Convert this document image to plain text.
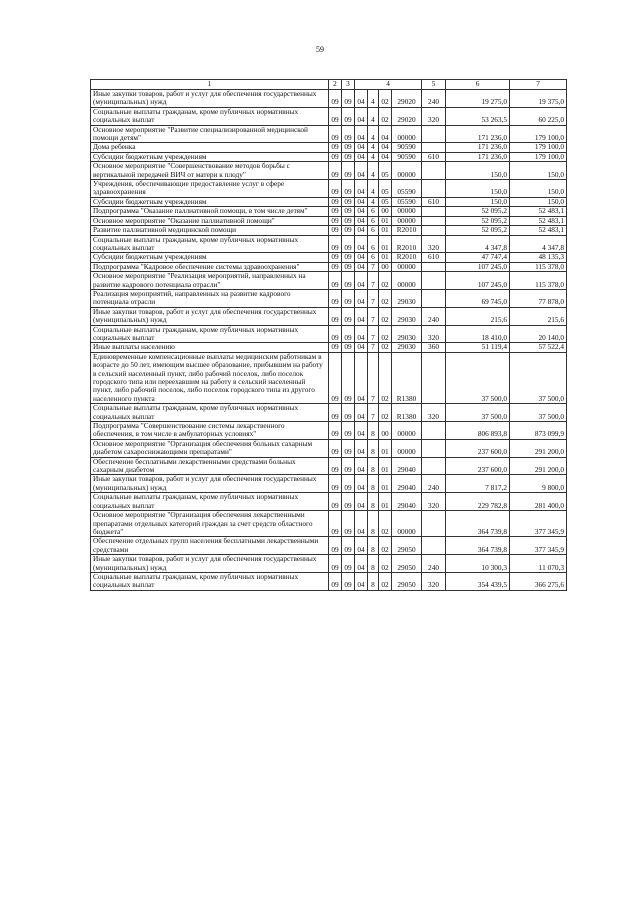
59
1	2	3	4				5	6	7
Иные закупки товаров, работ и услуг для обеспечения государственных (муниципальных) нужд	09	09	04	4	02	29020	240	19 275,0	19 375,0
Социальные выплаты гражданам, кроме публичных нормативных социальных выплат	09	09	04	4	02	29020	320	53 263,5	60 225,0
Основное мероприятие "Развитие специализированной медицинской помощи детям"	09	09	04	4	04	00000		171 236,0	179 100,0
Дома ребенка	09	09	04	4	04	90590		171 236,0	179 100,0
Субсидии бюджетным учреждениям	09	09	04	4	04	90590	610	171 236,0	179 100,0
Основное мероприятие "Совершенствование методов борьбы с вертикальной передачей ВИЧ от матери к плоду"	09	09	04	4	05	00000		150,0	150,0
Учреждения, обеспечивающие предоставление услуг в сфере здравоохранения	09	09	04	4	05	05590		150,0	150,0
Субсидии бюджетным учреждениям	09	09	04	4	05	05590	610	150,0	150,0
Подпрограмма "Оказание паллиативной помощи, в том числе детям"	09	09	04	6	00	00000		52 095,2	52 483,1
Основное мероприятие "Оказание паллиативной помощи"	09	09	04	6	01	00000		52 095,2	52 483,1
Развитие паллиативной медицинской помощи	09	09	04	6	01	R2010		52 095,2	52 483,1
Социальные выплаты гражданам, кроме публичных нормативных социальных выплат	09	09	04	6	01	R2010	320	4 347,8	4 347,8
Субсидии бюджетным учреждениям	09	09	04	6	01	R2010	610	47 747,4	48 135,3
Подпрограмма "Кадровое обеспечение системы здравоохранения"	09	09	04	7	00	00000		107 245,0	115 378,0
Основное мероприятие "Реализация мероприятий, направленных на развитие кадрового потенциала отрасли"	09	09	04	7	02	00000		107 245,0	115 378,0
Реализация мероприятий, направленных на развитие кадрового потенциала отрасли	09	09	04	7	02	29030		69 745,0	77 878,0
Иные закупки товаров, работ и услуг для обеспечения государственных (муниципальных) нужд	09	09	04	7	02	29030	240	215,6	215,6
Социальные выплаты гражданам, кроме публичных нормативных социальных выплат	09	09	04	7	02	29030	320	18 410,0	20 140,0
Иные выплаты населению	09	09	04	7	02	29030	360	51 119,4	57 522,4
Единовременные компенсационные выплаты медицинским работникам в возрасте до 50 лет, имеющим высшее образование, прибывшим на работу в сельский населенный пункт, либо рабочий поселок, либо поселок городского типа или переехавшим на работу в сельский населенный пункт, либо рабочий поселок, либо поселок городского типа из другого населенного пункта	09	09	04	7	02	R1380		37 500,0	37 500,0
Социальные выплаты гражданам, кроме публичных нормативных социальных выплат	09	09	04	7	02	R1380	320	37 500,0	37 500,0
Подпрограмма "Совершенствование системы лекарственного обеспечения, в том числе в амбулаторных условиях"	09	09	04	8	00	00000		806 893,8	873 099,9
Основное мероприятие "Организация обеспечения больных сахарным диабетом сахароснижающими препаратами"	09	09	04	8	01	00000		237 600,0	291 200,0
Обеспечение бесплатными лекарственными средствами больных сахарным диабетом	09	09	04	8	01	29040		237 600,0	291 200,0
Иные закупки товаров, работ и услуг для обеспечения государственных (муниципальных) нужд	09	09	04	8	01	29040	240	7 817,2	9 800,0
Социальные выплаты гражданам, кроме публичных нормативных социальных выплат	09	09	04	8	01	29040	320	229 782,8	281 400,0
Основное мероприятие "Организация обеспечения лекарственными препаратами отдельных категорий граждан за счет средств областного бюджета"	09	09	04	8	02	00000		364 739,8	377 345,9
Обеспечение отдельных групп населения бесплатными лекарственными средствами	09	09	04	8	02	29050		364 739,8	377 345,9
Иные закупки товаров, работ и услуг для обеспечения государственных (муниципальных) нужд	09	09	04	8	02	29050	240	10 300,3	11 070,3
Социальные выплаты гражданам, кроме публичных нормативных социальных выплат	09	09	04	8	02	29050	320	354 439,5	366 275,6
